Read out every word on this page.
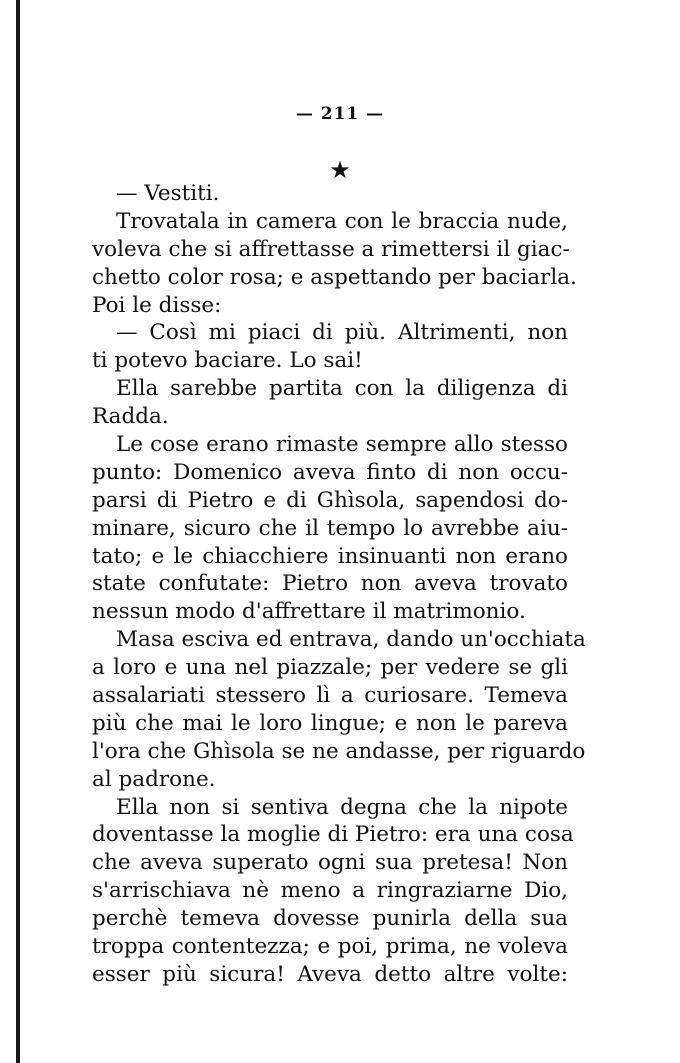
— 211 —
★
— Vestiti.
Trovatala in camera con le braccia nude,
voleva che si affrettasse a rimettersi il giac-
chetto color rosa; e aspettando per baciarla.
Poi le disse:
— Così mi piaci di più. Altrimenti, non
ti potevo baciare. Lo sai!
Ella sarebbe partita con la diligenza di
Radda.
Le cose erano rimaste sempre allo stesso
punto: Domenico aveva finto di non occu-
parsi di Pietro e di Ghìsola, sapendosi do-
minare, sicuro che il tempo lo avrebbe aiu-
tato; e le chiacchiere insinuanti non erano
state confutate: Pietro non aveva trovato
nessun modo d'affrettare il matrimonio.
Masa esciva ed entrava, dando un'occhiata
a loro e una nel piazzale; per vedere se gli
assalariati stessero lì a curiosare. Temeva
più che mai le loro lingue; e non le pareva
l'ora che Ghìsola se ne andasse, per riguardo
al padrone.
Ella non si sentiva degna che la nipote
doventasse la moglie di Pietro: era una cosa
che aveva superato ogni sua pretesa! Non
s'arrischiava nè meno a ringraziarne Dio,
perchè temeva dovesse punirla della sua
troppa contentezza; e poi, prima, ne voleva
esser più sicura! Aveva detto altre volte:
